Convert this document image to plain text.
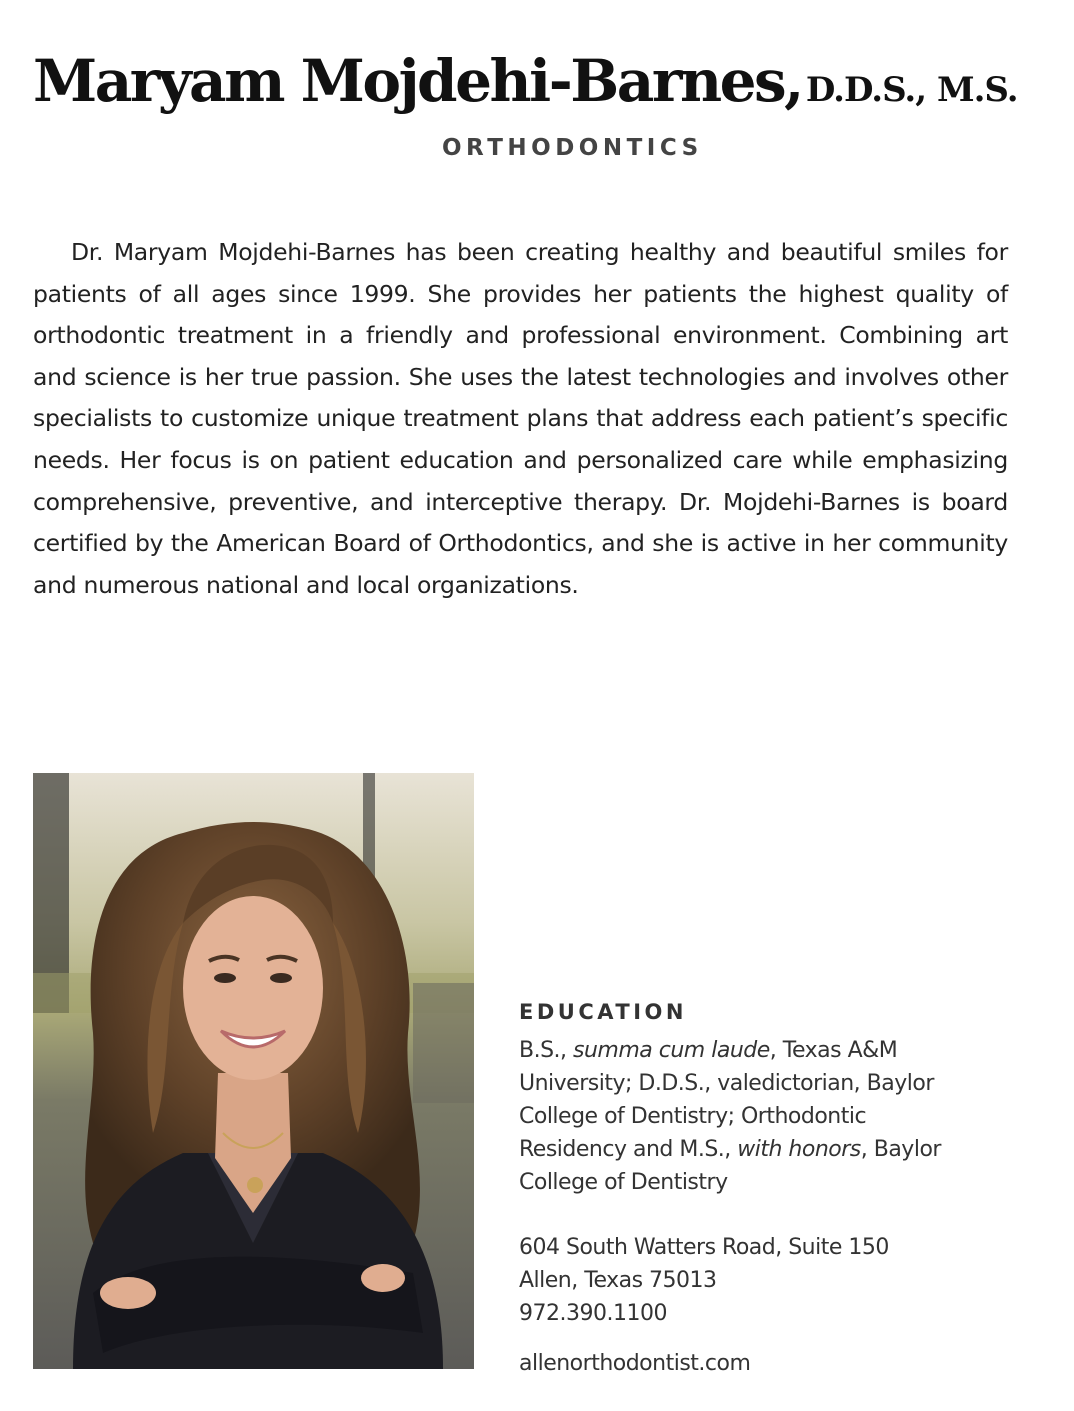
Maryam Mojdehi-Barnes, D.D.S., M.S.
ORTHODONTICS

Dr. Maryam Mojdehi-Barnes has been creating healthy and beautiful smiles for patients of all ages since 1999. She provides her patients the highest quality of orthodontic treatment in a friendly and professional environment. Combining art and science is her true passion. She uses the latest technologies and involves other specialists to customize unique treatment plans that address each patient’s specific needs. Her focus is on patient education and personalized care while emphasizing comprehensive, preventive, and interceptive therapy. Dr. Mojdehi-Barnes is board certified by the American Board of Orthodontics, and she is active in her community and numerous national and local organizations.

EDUCATION

B.S., summa cum laude, Texas A&M
University; D.D.S., valedictorian, Baylor
College of Dentistry; Orthodontic
Residency and M.S., with honors, Baylor
College of Dentistry

604 South Watters Road, Suite 150
Allen, Texas 75013
972.390.1100

allenorthodontist.com
